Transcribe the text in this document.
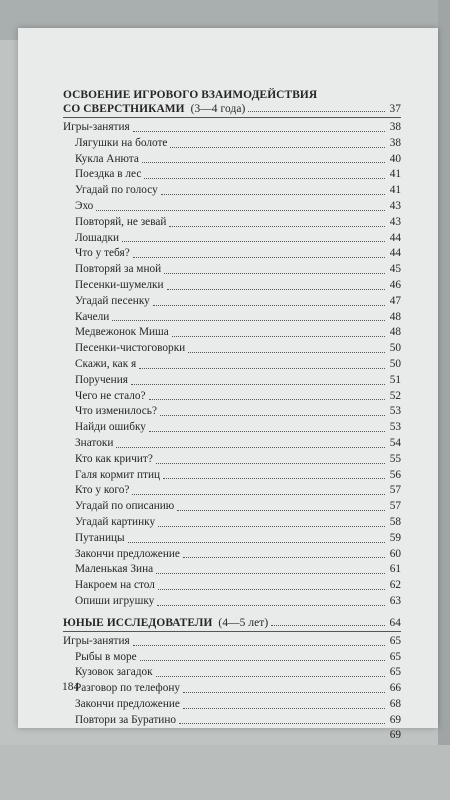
ОСВОЕНИЕ ИГРОВОГО ВЗАИМОДЕЙСТВИЯ
СО СВЕРСТНИКАМИ (3—4 года)	37
Игры-занятия	38
Лягушки на болоте	38
Кукла Анюта	40
Поездка в лес	41
Угадай по голосу	41
Эхо	43
Повторяй, не зевай	43
Лошадки	44
Что у тебя?	44
Повторяй за мной	45
Песенки-шумелки	46
Угадай песенку	47
Качели	48
Медвежонок Миша	48
Песенки-чистоговорки	50
Скажи, как я	50
Поручения	51
Чего не стало?	52
Что изменилось?	53
Найди ошибку	53
Знатоки	54
Кто как кричит?	55
Галя кормит птиц	56
Кто у кого?	57
Угадай по описанию	57
Угадай картинку	58
Путаницы	59
Закончи предложение	60
Маленькая Зина	61
Накроем на стол	62
Опиши игрушку	63
ЮНЫЕ ИССЛЕДОВАТЕЛИ (4—5 лет)	64
Игры-занятия	65
Рыбы в море	65
Кузовок загадок	65
Разговор по телефону	66
Закончи предложение	68
Повтори за Буратино	69
69
184
